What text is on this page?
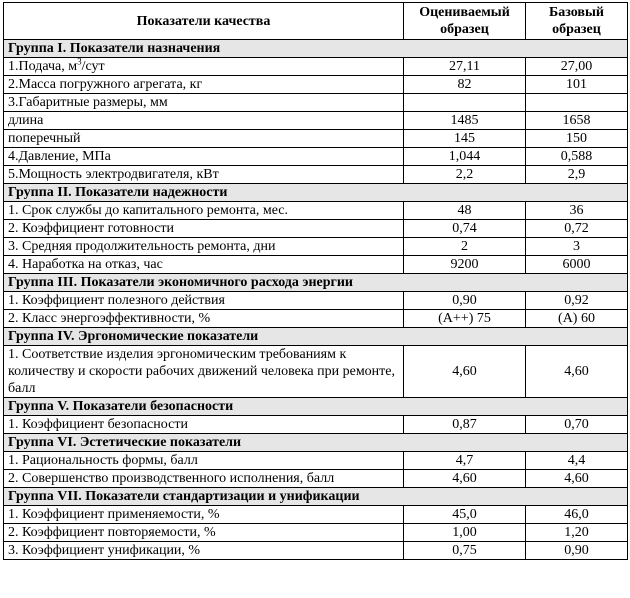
Показатели качества	Оцениваемый образец	Базовый образец
Группа I. Показатели назначения		
1.Подача, $м^3$/сут	27,11	27,00
2.Масса погружного агрегата, кг	82	101
3.Габаритные размеры, мм		
длина	1485	1658
поперечный	145	150
4.Давление, МПа	1,044	0,588
5.Мощность электродвигателя, кВт	2,2	2,9
Группа II. Показатели надежности		
1. Срок службы до капитального ремонта, мес.	48	36
2. Коэффициент готовности	0,74	0,72
3. Средняя продолжительность ремонта, дни	2	3
4. Наработка на отказ, час	9200	6000
Группа III. Показатели экономичного расхода энергии		
1. Коэффициент полезного действия	0,90	0,92
2. Класс энергоэффективности, %	(А++) 75	(А) 60
Группа IV. Эргономические показатели		
1. Соответствие изделия эргономическим требованиям к количеству и скорости рабочих движений человека при ремонте, балл	4,60	4,60
Группа V. Показатели безопасности		
1. Коэффициент безопасности	0,87	0,70
Группа VI. Эстетические показатели		
1. Рациональность формы, балл	4,7	4,4
2. Совершенство производственного исполнения, балл	4,60	4,60
Группа VII. Показатели стандартизации и унификации		
1. Коэффициент применяемости, %	45,0	46,0
2. Коэффициент повторяемости, %	1,00	1,20
3. Коэффициент унификации, %	0,75	0,90
